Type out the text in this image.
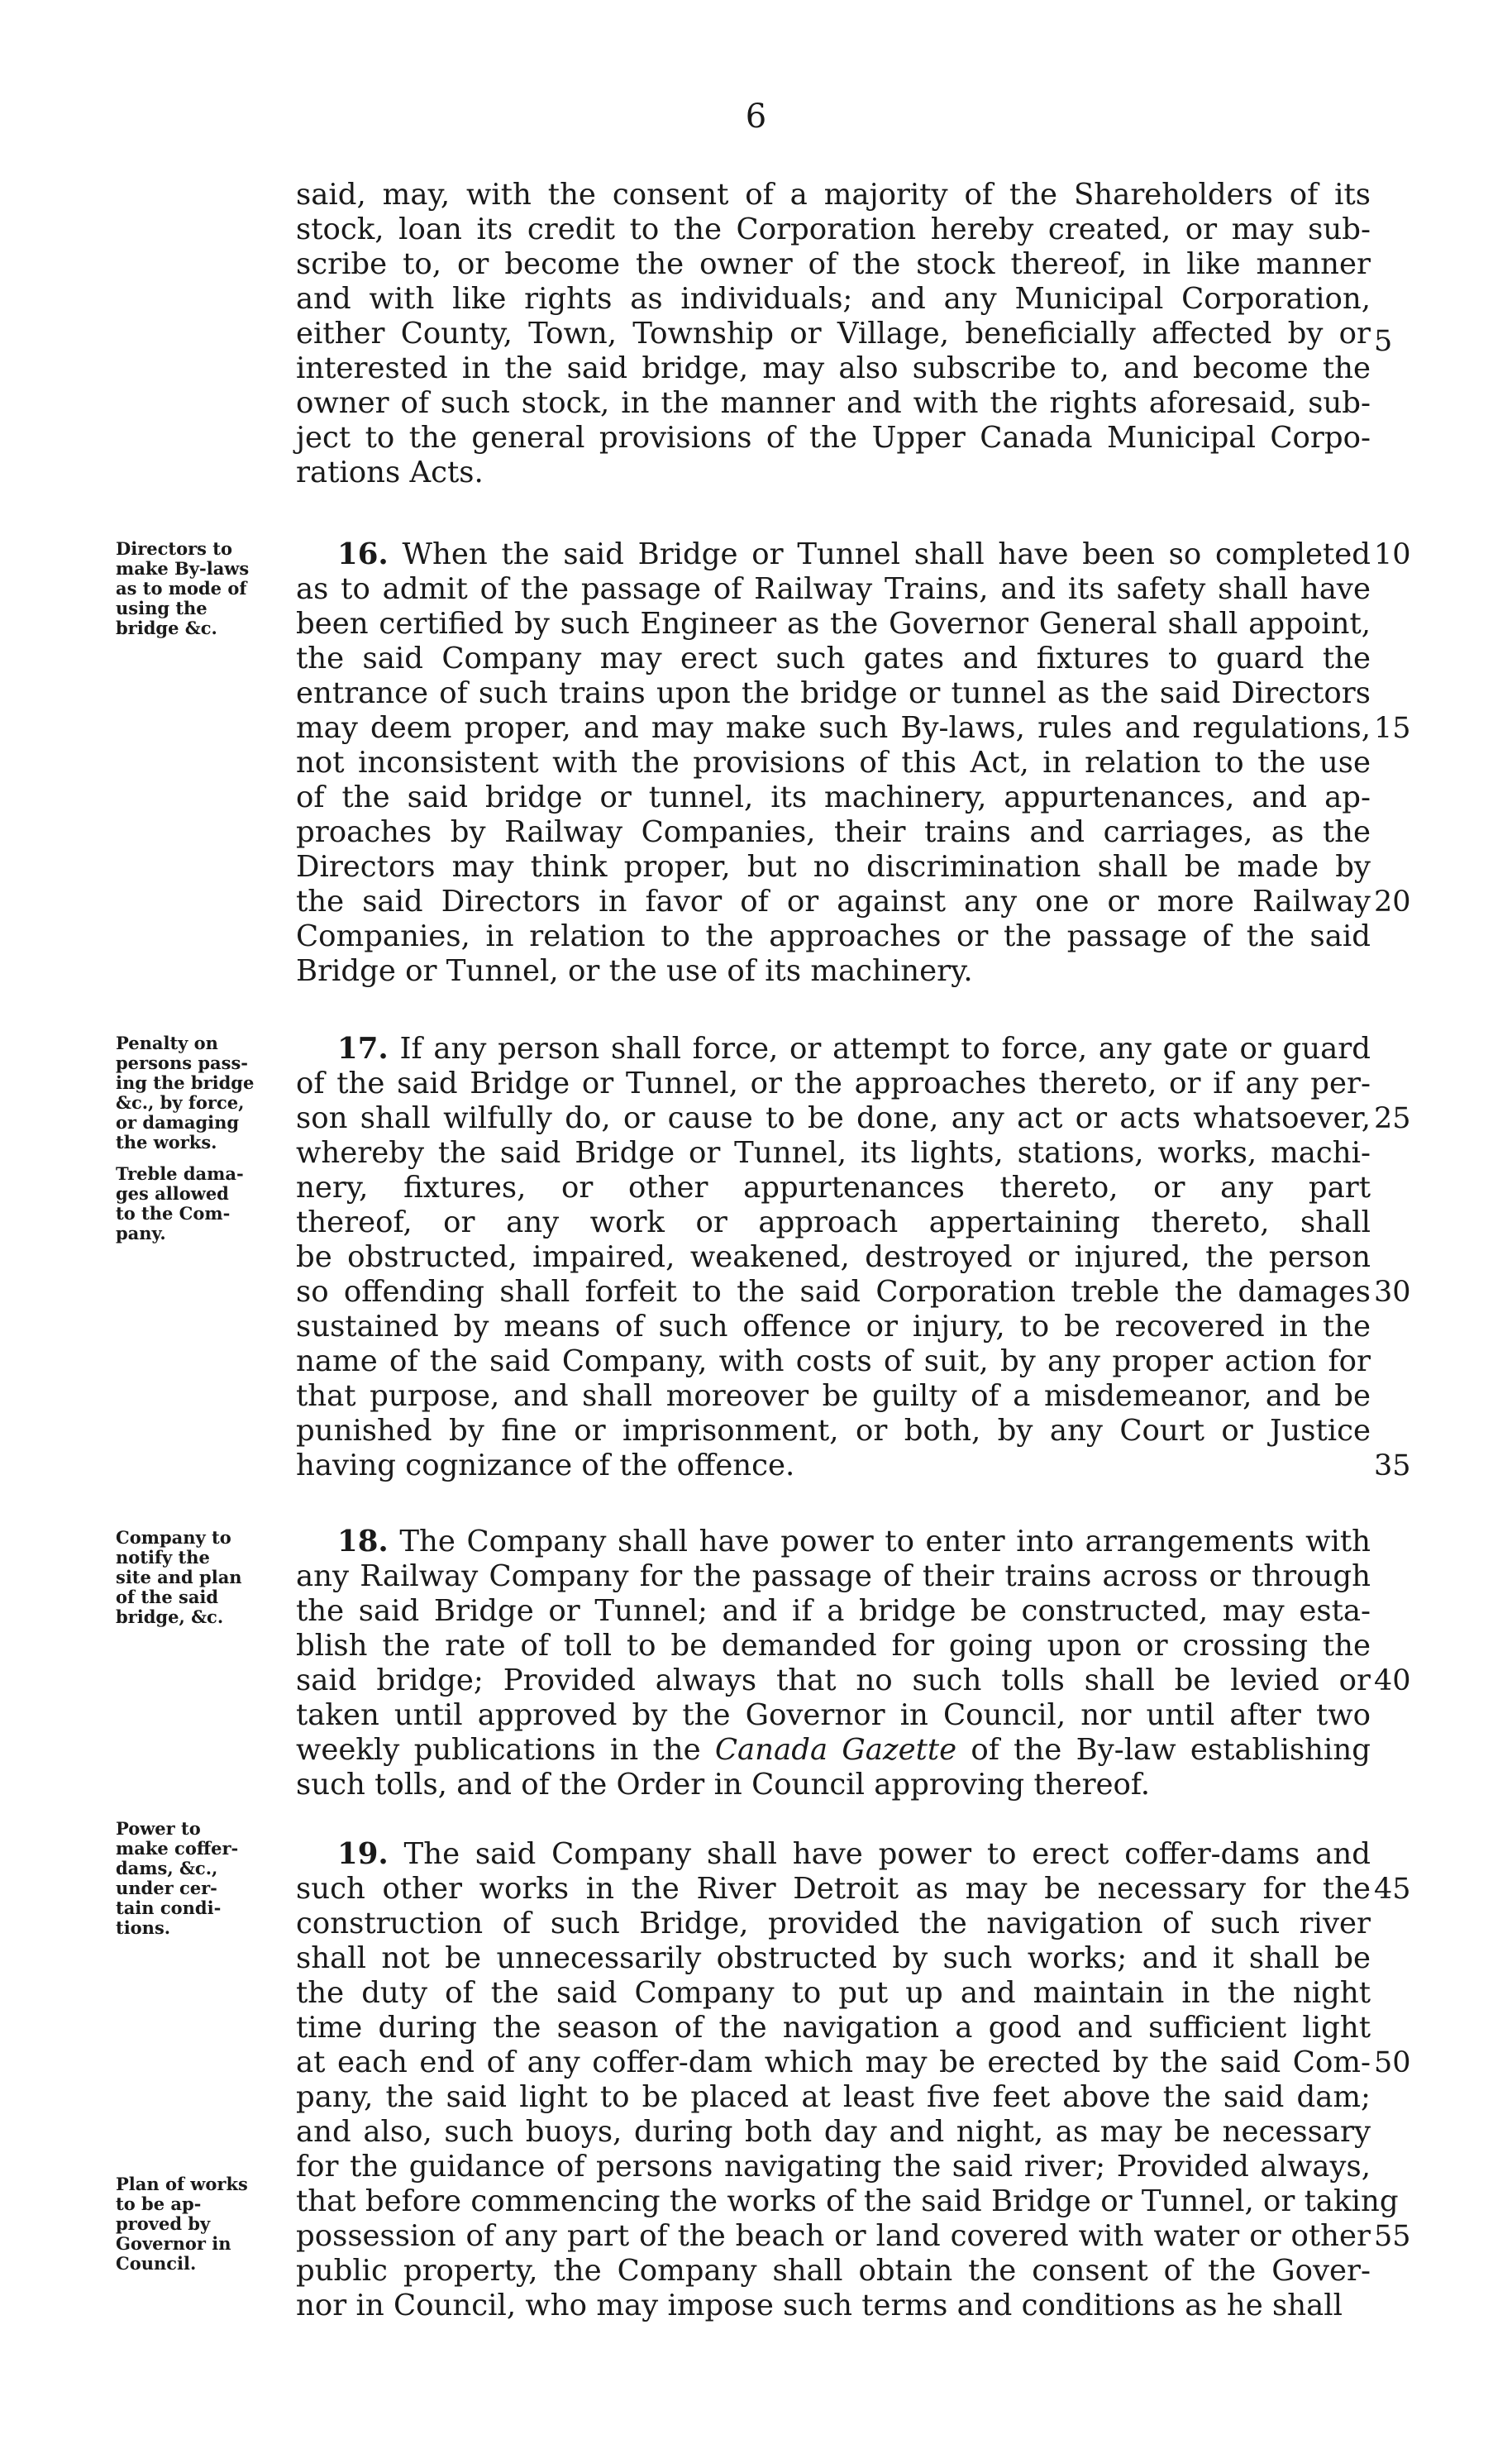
6
said, may, with the consent of a majority of the Shareholders of its
stock, loan its credit to the Corporation hereby created, or may sub-
scribe to, or become the owner of the stock thereof, in like manner
and with like rights as individuals; and any Municipal Corporation,
either County, Town, Township or Village, beneficially affected by or
interested in the said bridge, may also subscribe to, and become the
owner of such stock, in the manner and with the rights aforesaid, sub-
ject to the general provisions of the Upper Canada Municipal Corpo-
rations Acts.
16. When the said Bridge or Tunnel shall have been so completed
as to admit of the passage of Railway Trains, and its safety shall have
been certified by such Engineer as the Governor General shall appoint,
the said Company may erect such gates and fixtures to guard the
entrance of such trains upon the bridge or tunnel as the said Directors
may deem proper, and may make such By-laws, rules and regulations,
not inconsistent with the provisions of this Act, in relation to the use
of the said bridge or tunnel, its machinery, appurtenances, and ap-
proaches by Railway Companies, their trains and carriages, as the
Directors may think proper, but no discrimination shall be made by
the said Directors in favor of or against any one or more Railway
Companies, in relation to the approaches or the passage of the said
Bridge or Tunnel, or the use of its machinery.
17. If any person shall force, or attempt to force, any gate or guard
of the said Bridge or Tunnel, or the approaches thereto, or if any per-
son shall wilfully do, or cause to be done, any act or acts whatsoever,
whereby the said Bridge or Tunnel, its lights, stations, works, machi-
nery, fixtures, or other appurtenances thereto, or any part
thereof, or any work or approach appertaining thereto, shall
be obstructed, impaired, weakened, destroyed or injured, the person
so offending shall forfeit to the said Corporation treble the damages
sustained by means of such offence or injury, to be recovered in the
name of the said Company, with costs of suit, by any proper action for
that purpose, and shall moreover be guilty of a misdemeanor, and be
punished by fine or imprisonment, or both, by any Court or Justice
having cognizance of the offence.
18. The Company shall have power to enter into arrangements with
any Railway Company for the passage of their trains across or through
the said Bridge or Tunnel; and if a bridge be constructed, may esta-
blish the rate of toll to be demanded for going upon or crossing the
said bridge; Provided always that no such tolls shall be levied or
taken until approved by the Governor in Council, nor until after two
weekly publications in the Canada Gazette of the By-law establishing
such tolls, and of the Order in Council approving thereof.
19. The said Company shall have power to erect coffer-dams and
such other works in the River Detroit as may be necessary for the
construction of such Bridge, provided the navigation of such river
shall not be unnecessarily obstructed by such works; and it shall be
the duty of the said Company to put up and maintain in the night
time during the season of the navigation a good and sufficient light
at each end of any coffer-dam which may be erected by the said Com-
pany, the said light to be placed at least five feet above the said dam;
and also, such buoys, during both day and night, as may be necessary
for the guidance of persons navigating the said river; Provided always,
that before commencing the works of the said Bridge or Tunnel, or taking
possession of any part of the beach or land covered with water or other
public property, the Company shall obtain the consent of the Gover-
nor in Council, who may impose such terms and conditions as he shall
Directors to
make By-laws
as to mode of
using the
bridge &c.
Penalty on
persons pass-
ing the bridge
&c., by force,
or damaging
the works.
Treble dama-
ges allowed
to the Com-
pany.
Company to
notify the
site and plan
of the said
bridge, &c.
Power to
make coffer-
dams, &c.,
under cer-
tain condi-
tions.
Plan of works
to be ap-
proved by
Governor in
Council.
5
10
15
20
25
30
35
40
45
50
55
